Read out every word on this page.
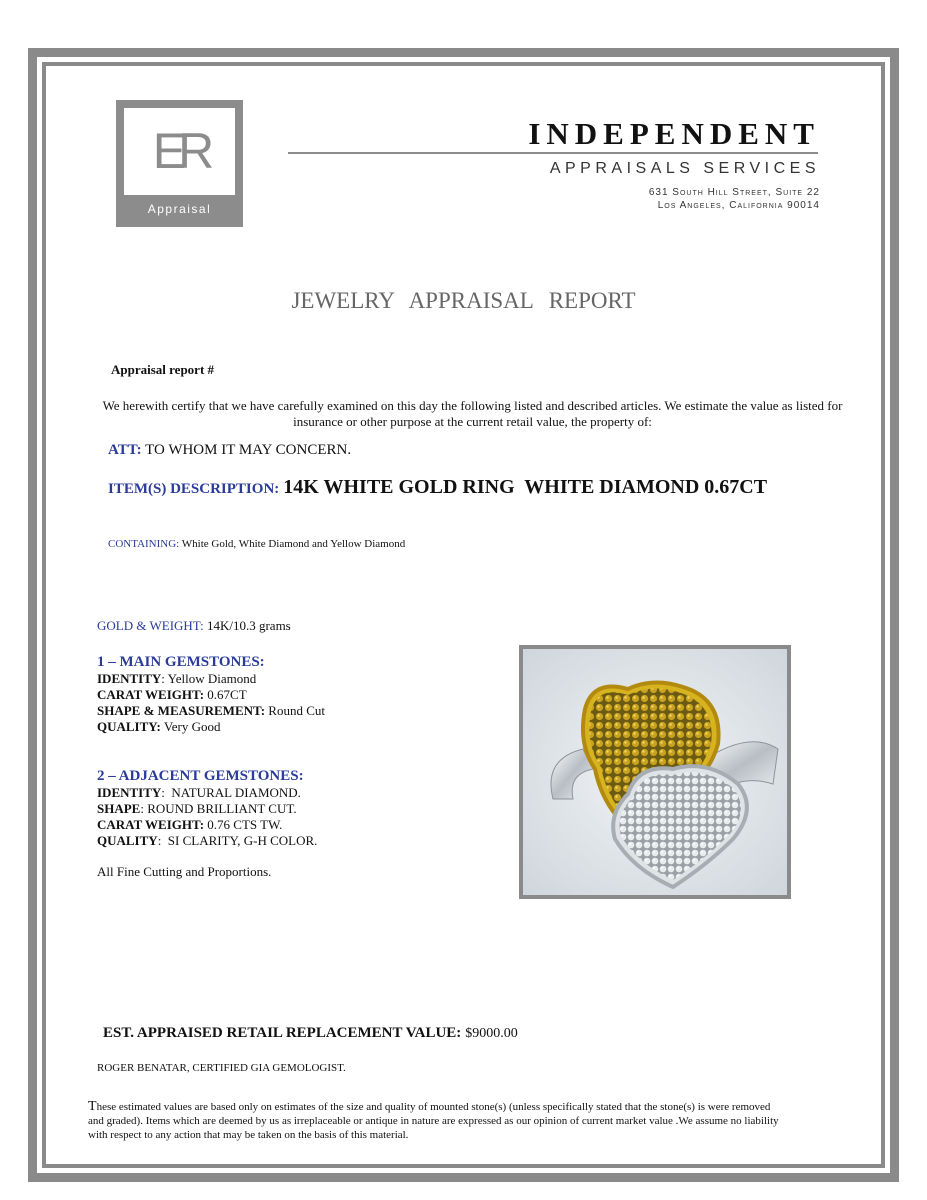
ER
Appraisal
INDEPENDENT
APPRAISALS SERVICES
631 South Hill Street, Suite 22
Los Angeles, California 90014
JEWELRY APPRAISAL REPORT
Appraisal report #
We herewith certify that we have carefully examined on this day the following listed and described articles. We estimate the value as listed for insurance or other purpose at the current retail value, the property of:
ATT: TO WHOM IT MAY CONCERN.
ITEM(S) DESCRIPTION: 14K WHITE GOLD RING  WHITE DIAMOND 0.67CT
CONTAINING: White Gold, White Diamond and Yellow Diamond
GOLD & WEIGHT: 14K/10.3 grams
1 – MAIN GEMSTONES:
IDENTITY: Yellow Diamond
CARAT WEIGHT: 0.67CT
SHAPE & MEASUREMENT: Round Cut
QUALITY: Very Good
2 – ADJACENT GEMSTONES:
IDENTITY:  NATURAL DIAMOND.
SHAPE: ROUND BRILLIANT CUT.
CARAT WEIGHT: 0.76 CTS TW.
QUALITY:  SI CLARITY, G-H COLOR.
All Fine Cutting and Proportions.
EST. APPRAISED RETAIL REPLACEMENT VALUE: $9000.00
ROGER BENATAR, CERTIFIED GIA GEMOLOGIST.
These estimated values are based only on estimates of the size and quality of mounted stone(s) (unless specifically stated that the stone(s) is were removed and graded). Items which are deemed by us as irreplaceable or antique in nature are expressed as our opinion of current market value .We assume no liability with respect to any action that may be taken on the basis of this material.
